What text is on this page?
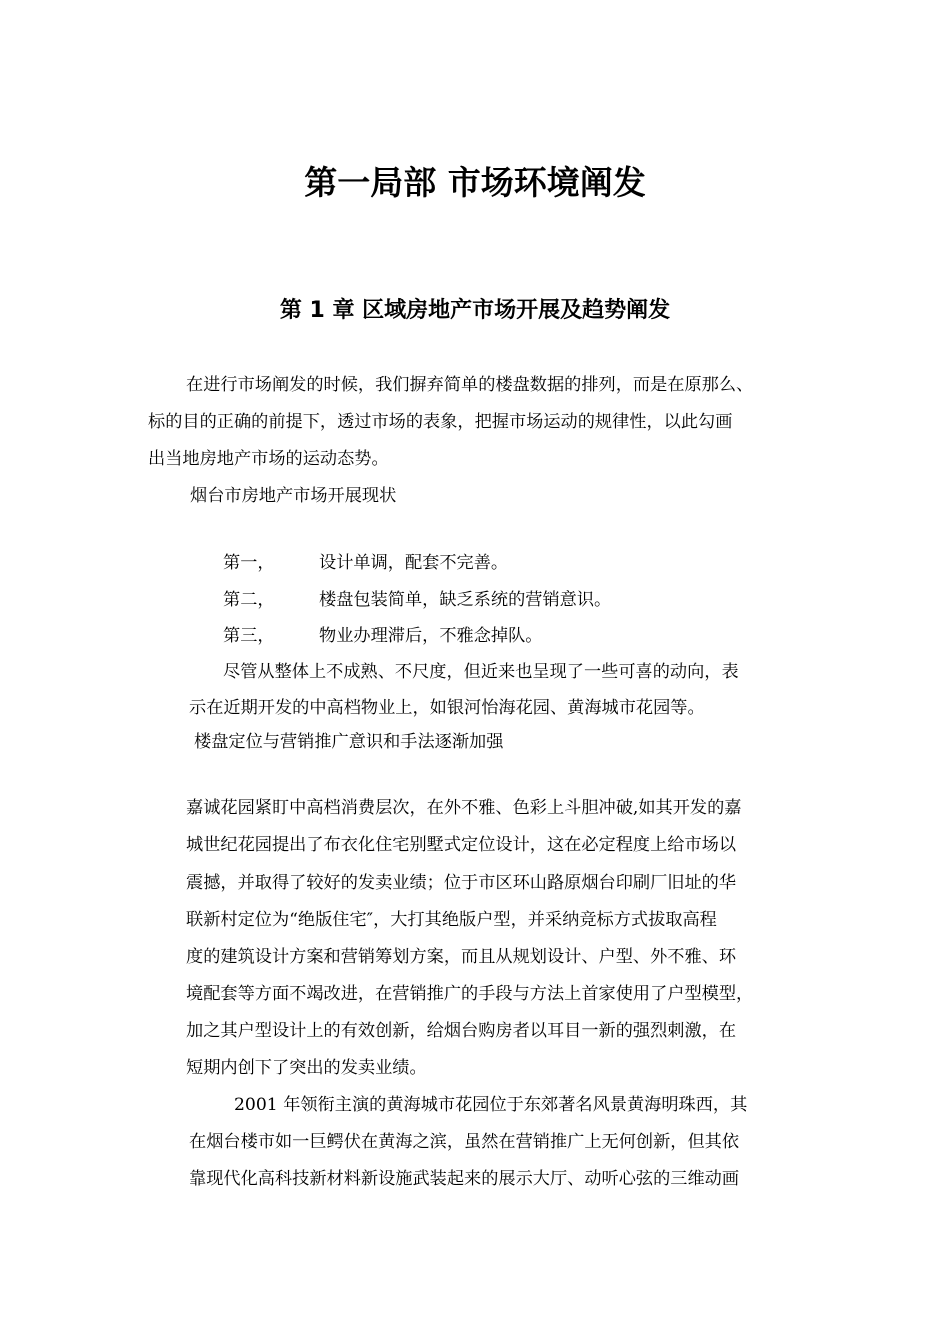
第一局部 市场环境阐发
第 1 章 区域房地产市场开展及趋势阐发
在进行市场阐发的时候，我们摒弃简单的楼盘数据的排列，而是在原那么、
标的目的正确的前提下，透过市场的表象，把握市场运动的规律性，以此勾画
出当地房地产市场的运动态势。
烟台市房地产市场开展现状
第一，	设计单调，配套不完善。
第二，	楼盘包装简单，缺乏系统的营销意识。
第三，	物业办理滞后，不雅念掉队。
尽管从整体上不成熟、不尺度，但近来也呈现了一些可喜的动向，表
示在近期开发的中高档物业上，如银河怡海花园、黄海城市花园等。
楼盘定位与营销推广意识和手法逐渐加强
嘉诚花园紧盯中高档消费层次，在外不雅、色彩上斗胆冲破,如其开发的嘉
城世纪花园提出了布衣化住宅别墅式定位设计，这在必定程度上给市场以
震撼，并取得了较好的发卖业绩；位于市区环山路原烟台印刷厂旧址的华
联新村定位为“绝版住宅″，大打其绝版户型，并采纳竞标方式拔取高程
度的建筑设计方案和营销筹划方案，而且从规划设计、户型、外不雅、环
境配套等方面不竭改进，在营销推广的手段与方法上首家使用了户型模型，
加之其户型设计上的有效创新，给烟台购房者以耳目一新的强烈刺激，在
短期内创下了突出的发卖业绩。
2001 年领衔主演的黄海城市花园位于东郊著名风景黄海明珠西，其
在烟台楼市如一巨鳄伏在黄海之滨，虽然在营销推广上无何创新，但其依
靠现代化高科技新材料新设施武装起来的展示大厅、动听心弦的三维动画
